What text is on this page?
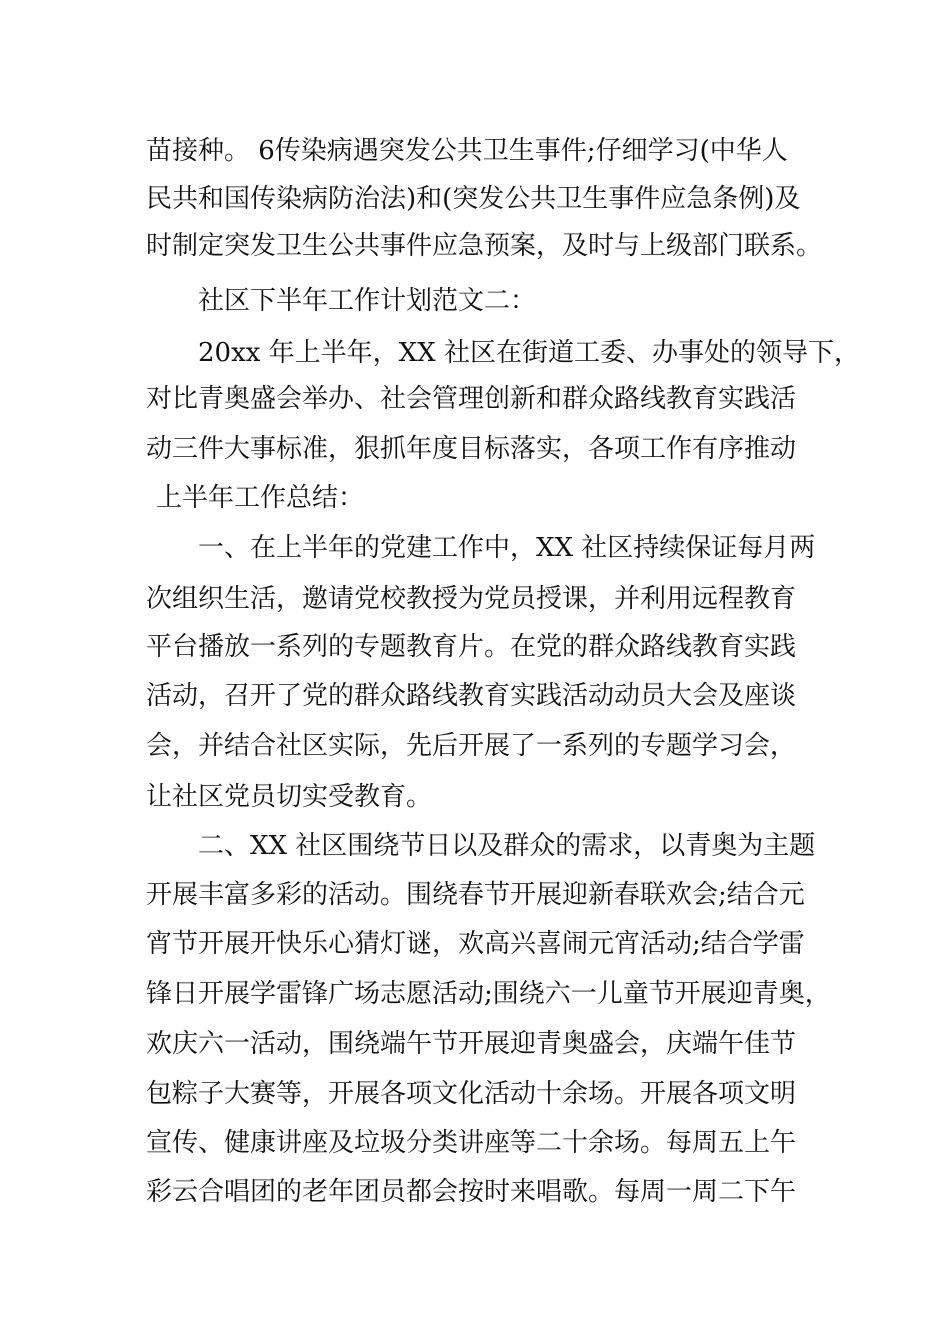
苗接种。 6传染病遇突发公共卫生事件;仔细学习(中华人

民共和国传染病防治法)和(突发公共卫生事件应急条例)及

时制定突发卫生公共事件应急预案，及时与上级部门联系。

社区下半年工作计划范文二：

20xx 年上半年，XX 社区在街道工委、办事处的领导下，

对比青奥盛会举办、社会管理创新和群众路线教育实践活

动三件大事标准，狠抓年度目标落实，各项工作有序推动

上半年工作总结：

一、在上半年的党建工作中，XX 社区持续保证每月两

次组织生活，邀请党校教授为党员授课，并利用远程教育

平台播放一系列的专题教育片。在党的群众路线教育实践

活动，召开了党的群众路线教育实践活动动员大会及座谈

会，并结合社区实际，先后开展了一系列的专题学习会，

让社区党员切实受教育。

二、XX 社区围绕节日以及群众的需求，以青奥为主题

开展丰富多彩的活动。围绕春节开展迎新春联欢会;结合元

宵节开展开快乐心猜灯谜，欢高兴喜闹元宵活动;结合学雷

锋日开展学雷锋广场志愿活动;围绕六一儿童节开展迎青奥，

欢庆六一活动，围绕端午节开展迎青奥盛会，庆端午佳节

包粽子大赛等，开展各项文化活动十余场。开展各项文明

宣传、健康讲座及垃圾分类讲座等二十余场。每周五上午

彩云合唱团的老年团员都会按时来唱歌。每周一周二下午
